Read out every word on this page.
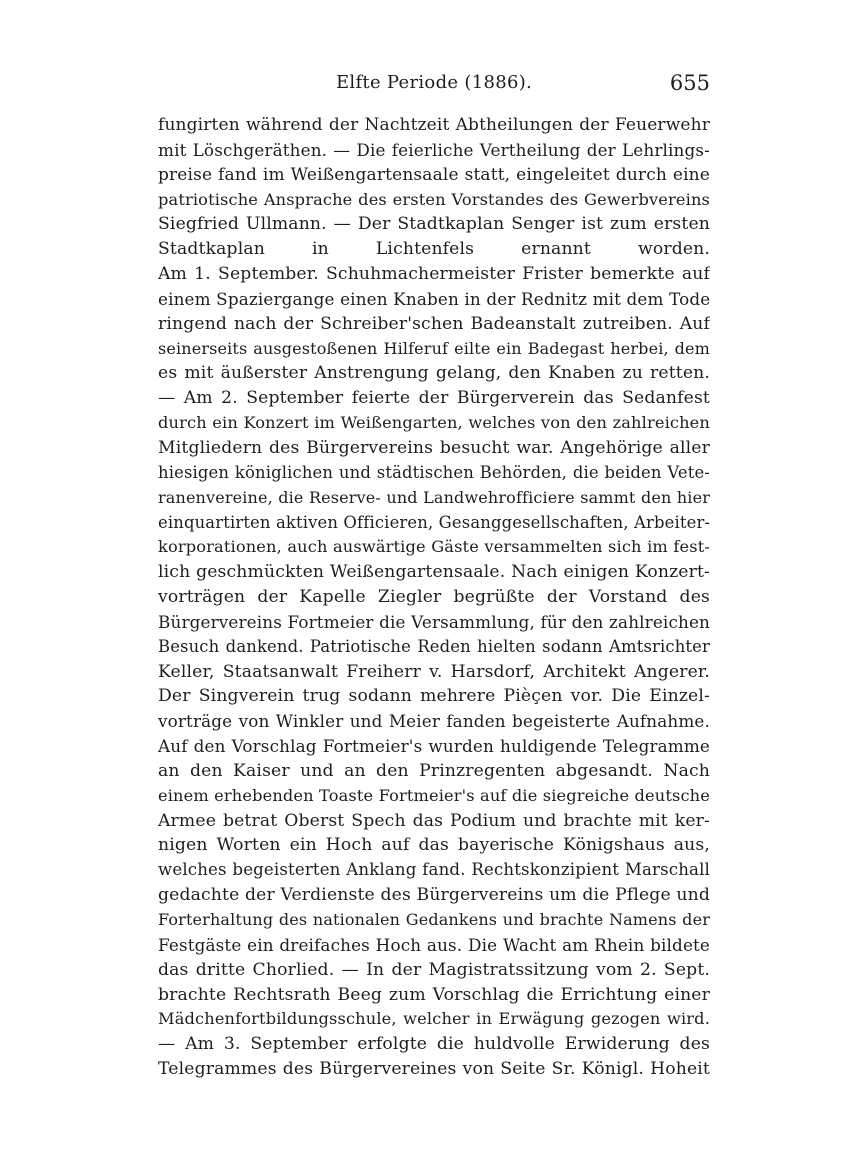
Elfte Periode (1886).	655
fungirten während der Nachtzeit Abtheilungen der Feuerwehr
mit Löschgeräthen. — Die feierliche Vertheilung der Lehrlings-
preise fand im Weißengartensaale statt, eingeleitet durch eine
patriotische Ansprache des ersten Vorstandes des Gewerbvereins
Siegfried Ullmann. — Der Stadtkaplan Senger ist zum ersten
Stadtkaplan in Lichtenfels ernannt worden.
Am 1. September. Schuhmachermeister Frister bemerkte auf
einem Spaziergange einen Knaben in der Rednitz mit dem Tode
ringend nach der Schreiber'schen Badeanstalt zutreiben. Auf
seinerseits ausgestoßenen Hilferuf eilte ein Badegast herbei, dem
es mit äußerster Anstrengung gelang, den Knaben zu retten.
— Am 2. September feierte der Bürgerverein das Sedanfest
durch ein Konzert im Weißengarten, welches von den zahlreichen
Mitgliedern des Bürgervereins besucht war. Angehörige aller
hiesigen königlichen und städtischen Behörden, die beiden Vete-
ranenvereine, die Reserve- und Landwehrofficiere sammt den hier
einquartirten aktiven Officieren, Gesanggesellschaften, Arbeiter-
korporationen, auch auswärtige Gäste versammelten sich im fest-
lich geschmückten Weißengartensaale. Nach einigen Konzert-
vorträgen der Kapelle Ziegler begrüßte der Vorstand des
Bürgervereins Fortmeier die Versammlung, für den zahlreichen
Besuch dankend. Patriotische Reden hielten sodann Amtsrichter
Keller, Staatsanwalt Freiherr v. Harsdorf, Architekt Angerer.
Der Singverein trug sodann mehrere Pièçen vor. Die Einzel-
vorträge von Winkler und Meier fanden begeisterte Aufnahme.
Auf den Vorschlag Fortmeier's wurden huldigende Telegramme
an den Kaiser und an den Prinzregenten abgesandt. Nach
einem erhebenden Toaste Fortmeier's auf die siegreiche deutsche
Armee betrat Oberst Spech das Podium und brachte mit ker-
nigen Worten ein Hoch auf das bayerische Königshaus aus,
welches begeisterten Anklang fand. Rechtskonzipient Marschall
gedachte der Verdienste des Bürgervereins um die Pflege und
Forterhaltung des nationalen Gedankens und brachte Namens der
Festgäste ein dreifaches Hoch aus. Die Wacht am Rhein bildete
das dritte Chorlied. — In der Magistratssitzung vom 2. Sept.
brachte Rechtsrath Beeg zum Vorschlag die Errichtung einer
Mädchenfortbildungsschule, welcher in Erwägung gezogen wird.
— Am 3. September erfolgte die huldvolle Erwiderung des
Telegrammes des Bürgervereines von Seite Sr. Königl. Hoheit
